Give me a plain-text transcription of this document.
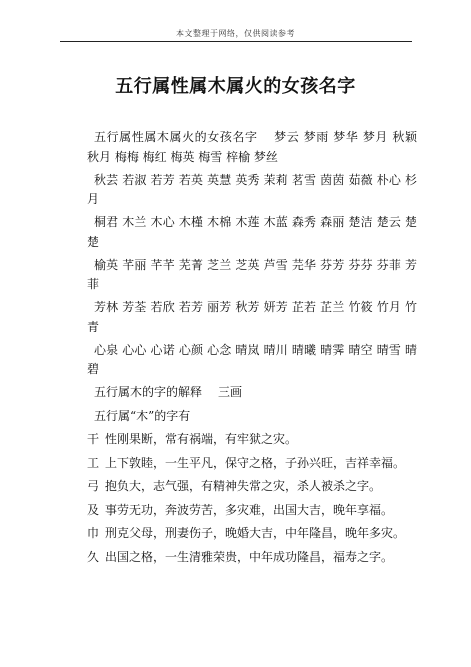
本文整理于网络，仅供阅读参考
五行属性属木属火的女孩名字

五行属性属木属火的女孩名字 梦云 梦雨 梦华 梦月 秋颖 秋月 梅梅 梅红 梅英 梅雪 梓榆 梦丝

秋芸 若淑 若芳 若英 英慧 英秀 茉莉 茗雪 茵茵 茹薇 朴心 杉月

桐君 木兰 木心 木槿 木棉 木莲 木蓝 森秀 森丽 楚洁 楚云 楚楚

榆英 芊丽 芊芊 芜菁 芝兰 芝英 芦雪 芫华 芬芳 芬芬 芬菲 芳菲

芳林 芳荃 若欣 若芳 丽芳 秋芳 妍芳 芷若 芷兰 竹筱 竹月 竹青

心泉 心心 心诺 心颜 心念 晴岚 晴川 晴曦 晴霁 晴空 晴雪 晴碧

五行属木的字的解释 三画

五行属“木”的字有

干 性刚果断，常有祸端，有牢狱之灾。

工 上下敦睦，一生平凡，保守之格，子孙兴旺，吉祥幸福。

弓 抱负大，志气强，有精神失常之灾，杀人被杀之字。

及 事劳无功，奔波劳苦，多灾难，出国大吉，晚年享福。

巾 刑克父母，刑妻伤子，晚婚大吉，中年隆昌，晚年多灾。

久 出国之格，一生清雅荣贵，中年成功隆昌，福寿之字。
